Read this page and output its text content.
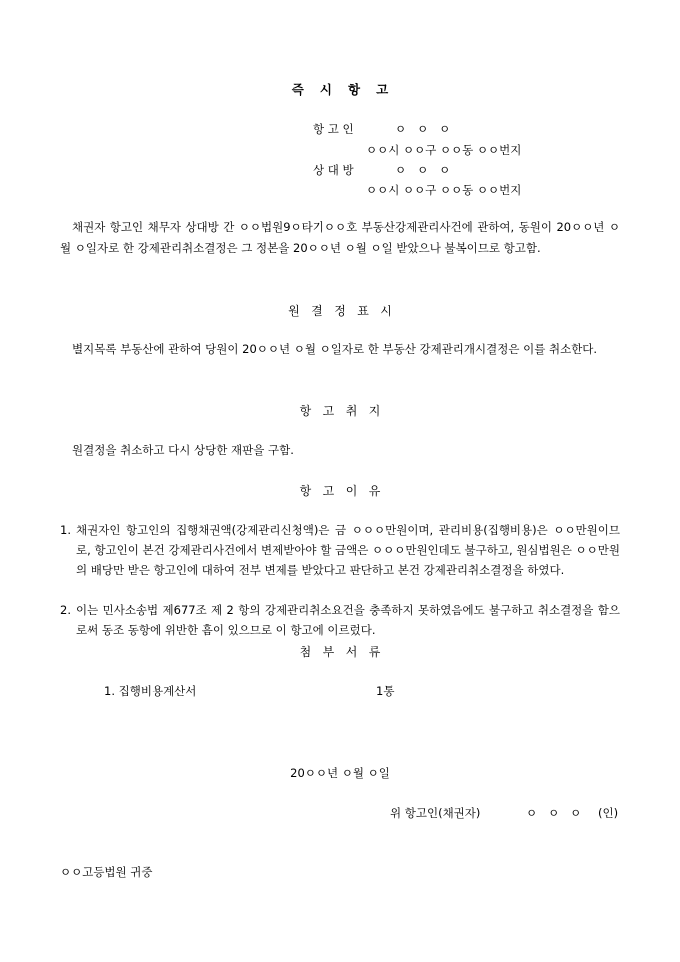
즉   시   항   고
항 고 인	ㅇ   ㅇ   ㅇ
ㅇㅇ시 ㅇㅇ구 ㅇㅇ동 ㅇㅇ번지
상 대 방	ㅇ   ㅇ   ㅇ
ㅇㅇ시 ㅇㅇ구 ㅇㅇ동 ㅇㅇ번지
채권자 항고인 채무자 상대방 간 ㅇㅇ법원9ㅇ타기ㅇㅇ호 부동산강제관리사건에 관하여, 동원이 20ㅇㅇ년 ㅇ월 ㅇ일자로 한 강제관리취소결정은 그 정본을 20ㅇㅇ년 ㅇ월 ㅇ일 받았으나 불복이므로 항고함.
원   결   정   표   시
별지목록 부동산에 관하여 당원이 20ㅇㅇ년 ㅇ월 ㅇ일자로 한 부동산 강제관리개시결정은 이를 취소한다.
항   고   취   지
원결정을 취소하고 다시 상당한 재판을 구함.
항   고   이   유
1. 채권자인 항고인의 집행채권액(강제관리신청액)은 금 ㅇㅇㅇ만원이며, 관리비용(집행비용)은 ㅇㅇ만원이므로, 항고인이 본건 강제관리사건에서 변제받아야 할 금액은 ㅇㅇㅇ만원인데도 불구하고, 원심법원은 ㅇㅇ만원의 배당만 받은 항고인에 대하여 전부 변제를 받았다고 판단하고 본건 강제관리취소결정을 하였다.
2. 이는 민사소송법 제677조 제 2 항의 강제관리취소요건을 충족하지 못하였음에도 불구하고 취소결정을 함으로써 동조 동항에 위반한 흠이 있으므로 이 항고에 이르렀다.
첨   부   서   류
1. 집행비용계산서	1통
20ㅇㅇ년 ㅇ월 ㅇ일
위 항고인(채권자)	ㅇ   ㅇ   ㅇ (인)
ㅇㅇ고등법원 귀중
